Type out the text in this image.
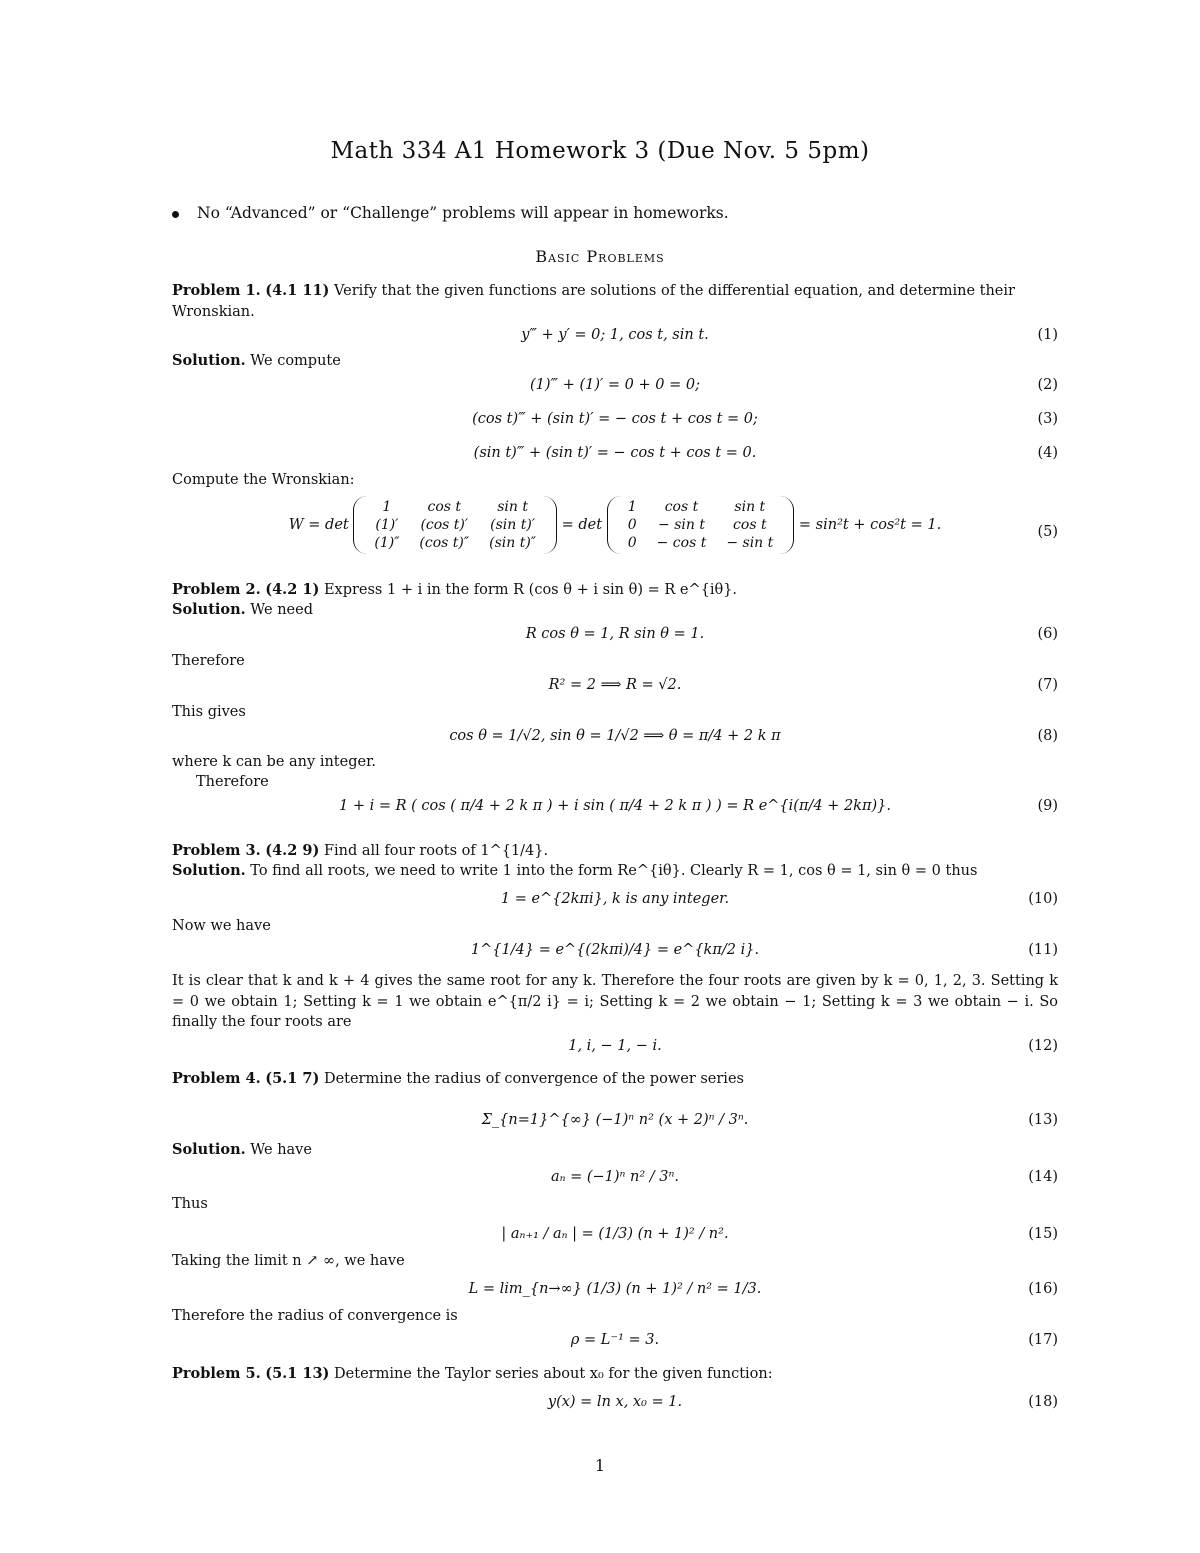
Math 334 A1 Homework 3 (Due Nov. 5 5pm)
No “Advanced” or “Challenge” problems will appear in homeworks.
Basic Problems
Problem 1. (4.1 11) Verify that the given functions are solutions of the differential equation, and determine their Wronskian.
y‴ + y′ = 0; 1, cos t, sin t.	(1)
Solution. We compute
(1)‴ + (1)′ = 0 + 0 = 0;	(2)
(cos t)‴ + (sin t)′ = − cos t + cos t = 0;	(3)
(sin t)‴ + (sin t)′ = − cos t + cos t = 0.	(4)
Compute the Wronskian:
W = det
1	cos t	sin t
(1)′	(cos t)′	(sin t)′
(1)″	(cos t)″	(sin t)″
= det
1	cos t	sin t
0	− sin t	cos t
0	− cos t	− sin t
= sin²t + cos²t = 1.	(5)
Problem 2. (4.2 1) Express 1 + i in the form R (cos θ + i sin θ) = R e^{iθ}.
Solution. We need
R cos θ = 1, R sin θ = 1.	(6)
Therefore
R² = 2 ⟹ R = √2.	(7)
This gives
cos θ = 1/√2, sin θ = 1/√2 ⟹ θ = π/4 + 2 k π	(8)
where k can be any integer.
Therefore
1 + i = R ( cos ( π/4 + 2 k π ) + i sin ( π/4 + 2 k π ) ) = R e^{i(π/4 + 2kπ)}.	(9)
Problem 3. (4.2 9) Find all four roots of 1^{1/4}.
Solution. To find all roots, we need to write 1 into the form Re^{iθ}. Clearly R = 1, cos θ = 1, sin θ = 0 thus
1 = e^{2kπi}, k is any integer.	(10)
Now we have
1^{1/4} = e^{(2kπi)/4} = e^{kπ/2 i}.	(11)
It is clear that k and k + 4 gives the same root for any k. Therefore the four roots are given by k = 0, 1, 2, 3. Setting k = 0 we obtain 1; Setting k = 1 we obtain e^{π/2 i} = i; Setting k = 2 we obtain − 1; Setting k = 3 we obtain − i. So finally the four roots are
1, i, − 1, − i.	(12)
Problem 4. (5.1 7) Determine the radius of convergence of the power series
Σ_{n=1}^{∞} (−1)ⁿ n² (x + 2)ⁿ / 3ⁿ.	(13)
Solution. We have
aₙ = (−1)ⁿ n² / 3ⁿ.	(14)
Thus
| aₙ₊₁ / aₙ | = (1/3) (n + 1)² / n².	(15)
Taking the limit n ↗ ∞, we have
L = lim_{n→∞} (1/3) (n + 1)² / n² = 1/3.	(16)
Therefore the radius of convergence is
ρ = L⁻¹ = 3.	(17)
Problem 5. (5.1 13) Determine the Taylor series about x₀ for the given function:
y(x) = ln x, x₀ = 1.	(18)
1
